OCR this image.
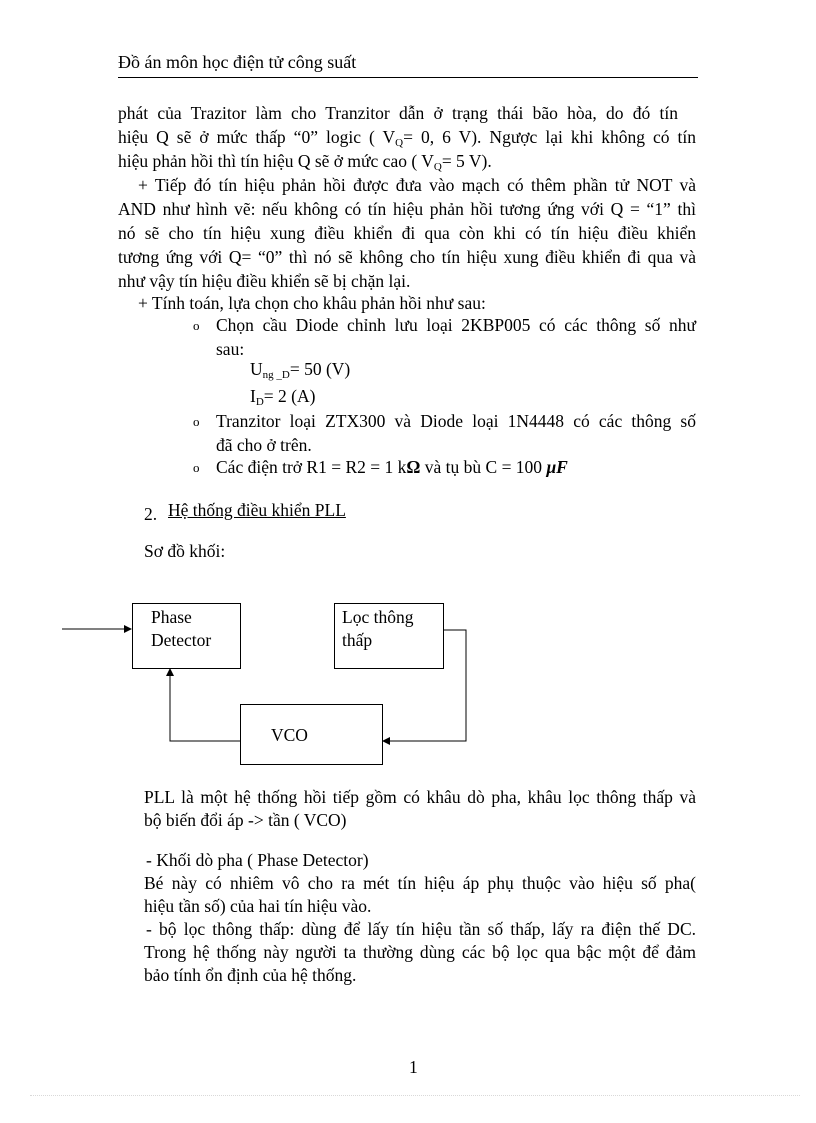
Đồ án môn học điện tử công suất
phát của Trazitor làm cho Tranzitor dẫn ở trạng thái bão hòa, do đó tín
hiệu Q sẽ ở mức thấp “0” logic ( $V_Q= 0$, 6 V). Ngược lại khi không có tín
hiệu phản hồi thì tín hiệu Q sẽ ở mức cao ( $V_Q= 5$ V).
+ Tiếp đó tín hiệu phản hồi được đưa vào mạch có thêm phần tử NOT và
AND như hình vẽ: nếu không có tín hiệu phản hồi tương ứng với Q = “1” thì
nó sẽ cho tín hiệu xung điều khiển đi qua còn khi có tín hiệu điều khiển
tương ứng với Q= “0” thì nó sẽ không cho tín hiệu xung điều khiển đi qua và
như vậy tín hiệu điều khiển sẽ bị chặn lại.
+ Tính toán, lựa chọn cho khâu phản hồi như sau:
o Chọn cầu Diode chỉnh lưu loại 2KBP005 có các thông số như
sau:
$U_{ng \_D}= 50$ (V)
$I_D= 2$ (A)
o Tranzitor loại ZTX300 và Diode loại 1N4448 có các thông số
đã cho ở trên.
o Các điện trở R1 = R2 = 1 kΩ và tụ bù C = 100 μF
2. Hệ thống điều khiển PLL
Sơ đồ khối:
Phase
Detector
Lọc thông
thấp
VCO
PLL là một hệ thống hồi tiếp gồm có khâu dò pha, khâu lọc thông thấp và
bộ biến đổi áp -> tần ( VCO)
- Khối dò pha ( Phase Detector)
Bé này có nhiêm vô cho ra mét tín hiệu áp phụ thuộc vào hiệu số pha(
hiệu tần số) của hai tín hiệu vào.
- bộ lọc thông thấp: dùng để lấy tín hiệu tần số thấp, lấy ra điện thế DC.
Trong hệ thống này người ta thường dùng các bộ lọc qua bậc một để đảm
bảo tính ổn định của hệ thống.
1
